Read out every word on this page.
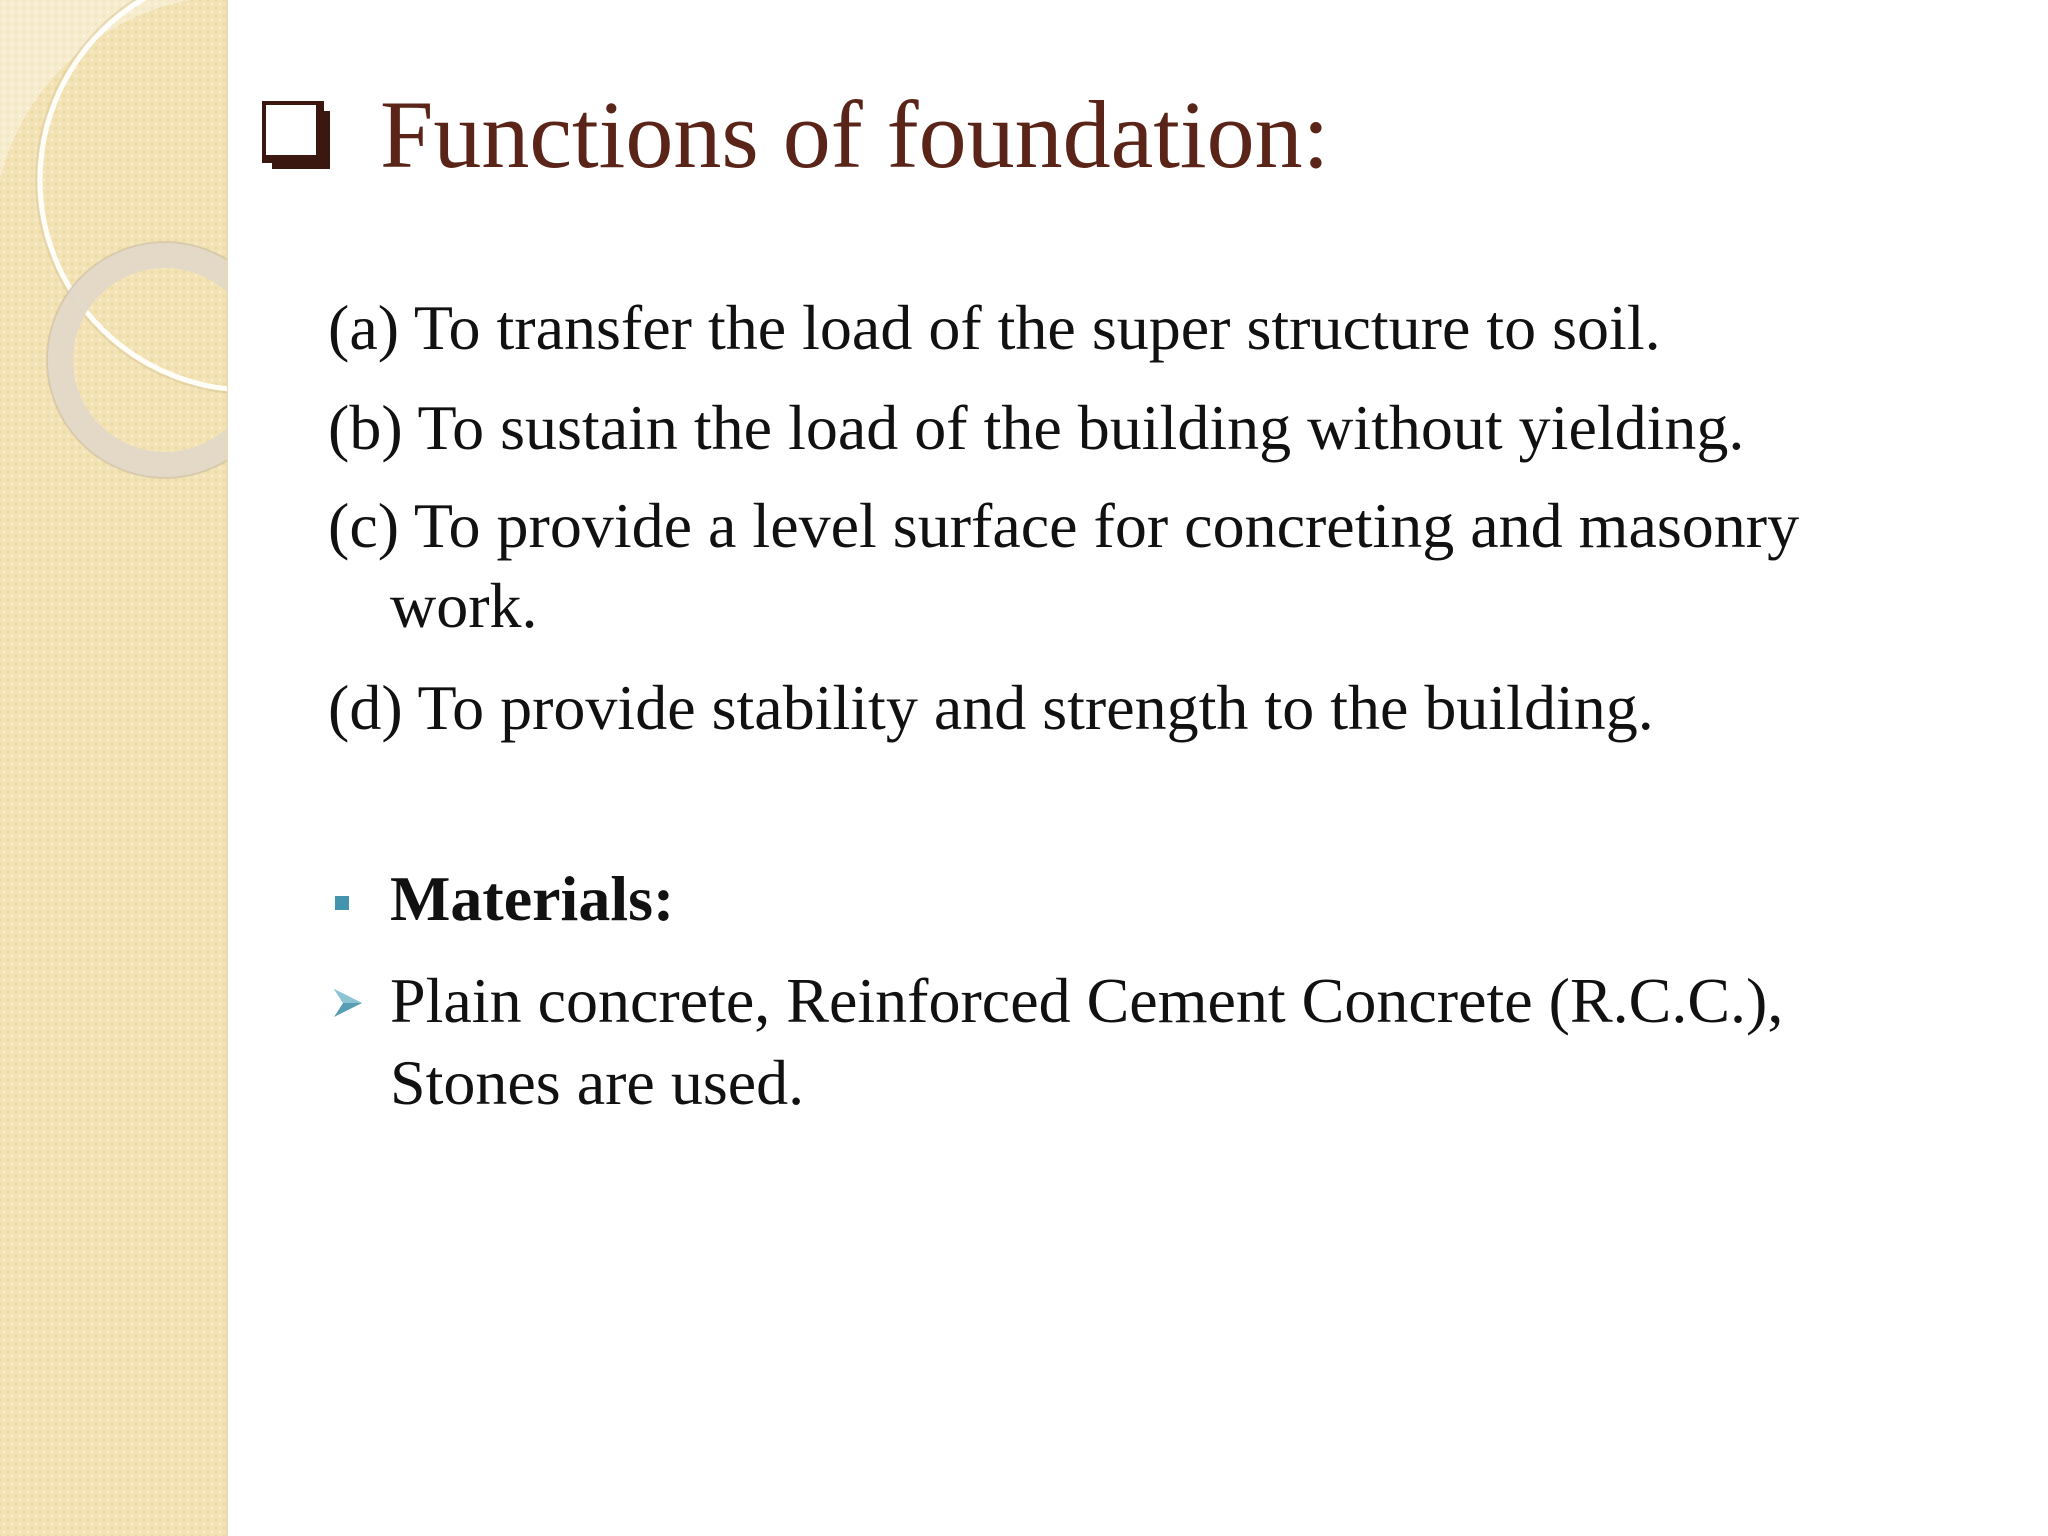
Functions of foundation:
(a) To transfer the load of the super structure to soil.
(b) To sustain the load of the building without yielding.
(c) To provide a level surface for concreting and masonry
work.
(d) To provide stability and strength to the building.
Materials:
Plain concrete, Reinforced Cement Concrete (R.C.C.),
Stones are used.
